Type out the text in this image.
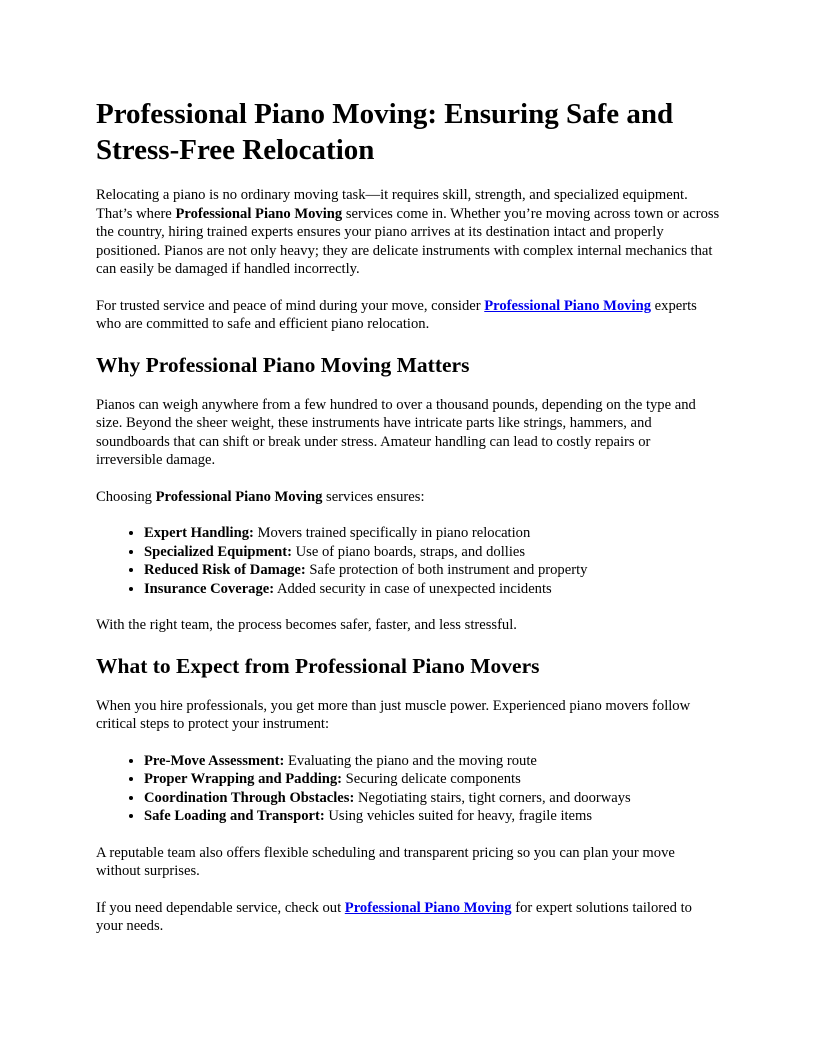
Professional Piano Moving: Ensuring Safe and Stress-Free Relocation

Relocating a piano is no ordinary moving task—it requires skill, strength, and specialized equipment. That’s where Professional Piano Moving services come in. Whether you’re moving across town or across the country, hiring trained experts ensures your piano arrives at its destination intact and properly positioned. Pianos are not only heavy; they are delicate instruments with complex internal mechanics that can easily be damaged if handled incorrectly.

For trusted service and peace of mind during your move, consider Professional Piano Moving experts who are committed to safe and efficient piano relocation.

Why Professional Piano Moving Matters

Pianos can weigh anywhere from a few hundred to over a thousand pounds, depending on the type and size. Beyond the sheer weight, these instruments have intricate parts like strings, hammers, and soundboards that can shift or break under stress. Amateur handling can lead to costly repairs or irreversible damage.

Choosing Professional Piano Moving services ensures:

• Expert Handling: Movers trained specifically in piano relocation
• Specialized Equipment: Use of piano boards, straps, and dollies
• Reduced Risk of Damage: Safe protection of both instrument and property
• Insurance Coverage: Added security in case of unexpected incidents

With the right team, the process becomes safer, faster, and less stressful.

What to Expect from Professional Piano Movers

When you hire professionals, you get more than just muscle power. Experienced piano movers follow critical steps to protect your instrument:

• Pre-Move Assessment: Evaluating the piano and the moving route
• Proper Wrapping and Padding: Securing delicate components
• Coordination Through Obstacles: Negotiating stairs, tight corners, and doorways
• Safe Loading and Transport: Using vehicles suited for heavy, fragile items

A reputable team also offers flexible scheduling and transparent pricing so you can plan your move without surprises.

If you need dependable service, check out Professional Piano Moving for expert solutions tailored to your needs.
